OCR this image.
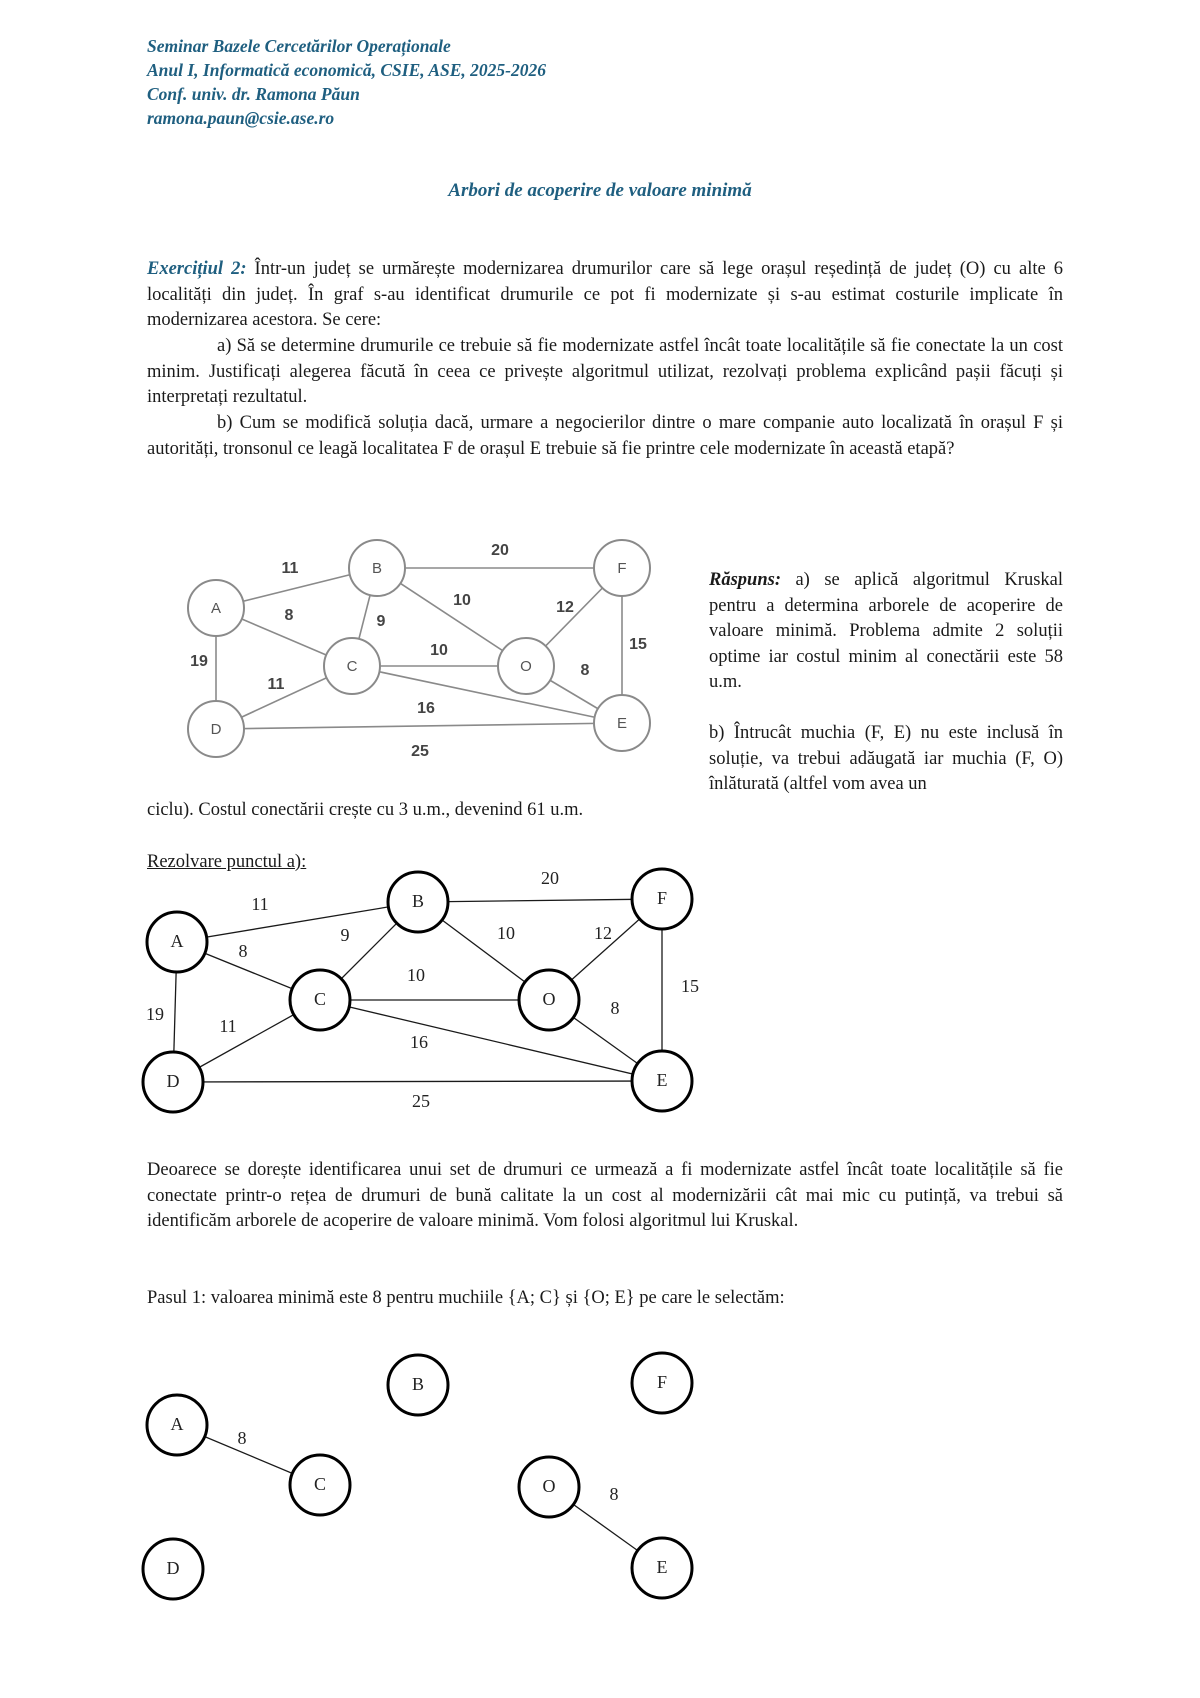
Seminar Bazele Cercetărilor Operaționale
Anul I, Informatică economică, CSIE, ASE, 2025-2026
Conf. univ. dr. Ramona Păun
ramona.paun@csie.ase.ro
Arbori de acoperire de valoare minimă

Exercițiul 2: Într-un județ se urmărește modernizarea drumurilor care să lege orașul reședință de județ (O) cu alte 6 localități din județ. În graf s-au identificat drumurile ce pot fi modernizate și s-au estimat costurile implicate în modernizarea acestora. Se cere:

a) Să se determine drumurile ce trebuie să fie modernizate astfel încât toate localitățile să fie conectate la un cost minim. Justificați alegerea făcută în ceea ce privește algoritmul utilizat, rezolvați problema explicând pașii făcuți și interpretați rezultatul.

b) Cum se modifică soluția dacă, urmare a negocierilor dintre o mare companie auto localizată în orașul F și autorități, tronsonul ce leagă localitatea F de orașul E trebuie să fie printre cele modernizate în această etapă?

11
8
19
9
20
10
10
11
16
25
12
15
8
A
B
C
D	E
F
O

Răspuns: a) se aplică algoritmul Kruskal pentru a determina arborele de acoperire de valoare minimă. Problema admite 2 soluții optime iar costul minim al conectării este 58 u.m.

b) Întrucât muchia (F, E) nu este inclusă în soluție, va trebui adăugată iar muchia (F, O) înlăturată (altfel vom avea un

ciclu). Costul conectării crește cu 3 u.m., devenind 61 u.m.

Rezolvare punctul a):

11
8
19
9
20
10
10
11
16
25
12
15
8
A
B
C
D	E
F
O

Deoarece se dorește identificarea unui set de drumuri ce urmează a fi modernizate astfel încât toate localitățile să fie conectate printr-o rețea de drumuri de bună calitate la un cost al modernizării cât mai mic cu putință, va trebui să identificăm arborele de acoperire de valoare minimă. Vom folosi algoritmul lui Kruskal.

Pasul 1: valoarea minimă este 8 pentru muchiile {A; C} și {O; E} pe care le selectăm:

8
8
A
B
C
D	E
F
O
